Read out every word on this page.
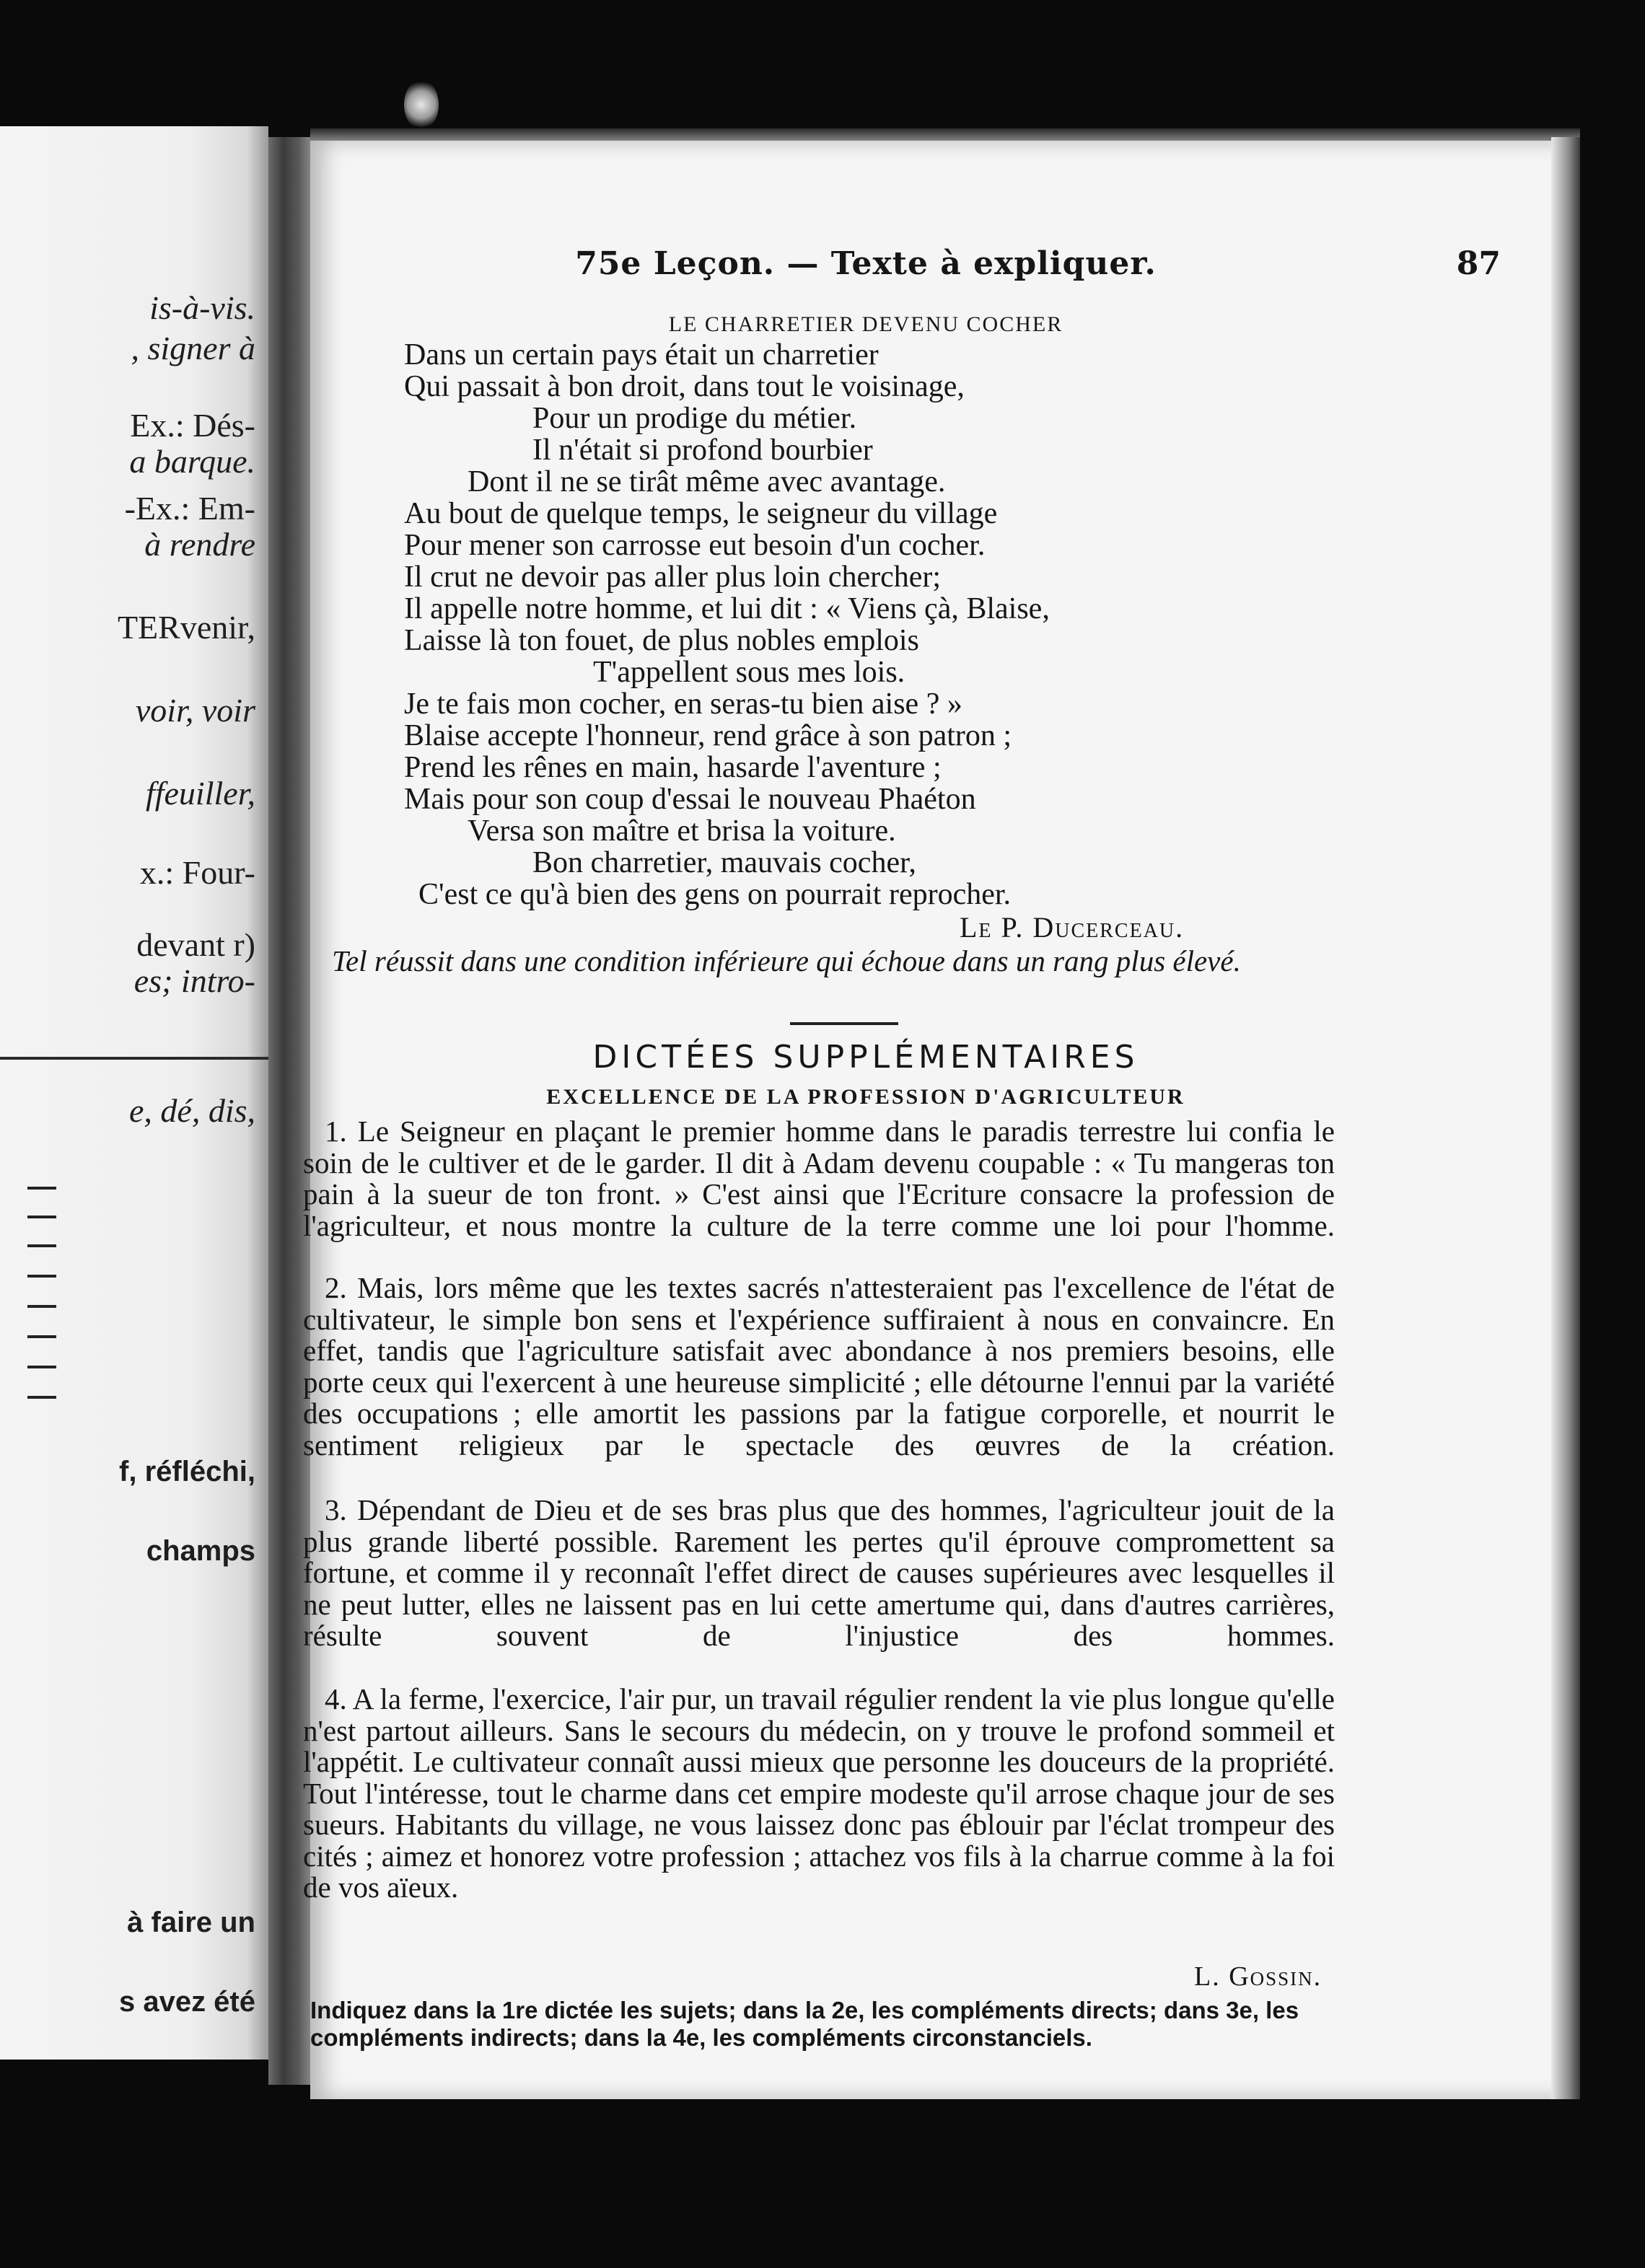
is-à-vis.
, signer à
Ex.: Dés-
a barque.
-Ex.: Em-
à rendre
TERvenir,
voir, voir
ffeuiller,
x.: Four-
devant r)
es; intro-
e, dé, dis,
f, réfléchi,
champs
à faire un
s avez été
75e Leçon. — Texte à expliquer.	87
LE CHARRETIER DEVENU COCHER
Dans un certain pays était un charretier
Qui passait à bon droit, dans tout le voisinage,
Pour un prodige du métier.
Il n'était si profond bourbier
Dont il ne se tirât même avec avantage.
Au bout de quelque temps, le seigneur du village
Pour mener son carrosse eut besoin d'un cocher.
Il crut ne devoir pas aller plus loin chercher;
Il appelle notre homme, et lui dit : « Viens çà, Blaise,
Laisse là ton fouet, de plus nobles emplois
T'appellent sous mes lois.
Je te fais mon cocher, en seras-tu bien aise ? »
Blaise accepte l'honneur, rend grâce à son patron ;
Prend les rênes en main, hasarde l'aventure ;
Mais pour son coup d'essai le nouveau Phaéton
Versa son maître et brisa la voiture.
Bon charretier, mauvais cocher,
C'est ce qu'à bien des gens on pourrait reprocher.
Le P. Ducerceau.
Tel réussit dans une condition inférieure qui échoue dans un rang plus élevé.
DICTÉES SUPPLÉMENTAIRES
EXCELLENCE DE LA PROFESSION D'AGRICULTEUR
1. Le Seigneur en plaçant le premier homme dans le paradis terrestre lui confia le soin de le cultiver et de le garder. Il dit à Adam devenu coupable : « Tu mangeras ton pain à la sueur de ton front. » C'est ainsi que l'Ecriture consacre la profession de l'agriculteur, et nous montre la culture de la terre comme une loi pour l'homme.
2. Mais, lors même que les textes sacrés n'attesteraient pas l'excellence de l'état de cultivateur, le simple bon sens et l'expérience suffiraient à nous en convaincre. En effet, tandis que l'agriculture satisfait avec abondance à nos premiers besoins, elle porte ceux qui l'exercent à une heureuse simplicité ; elle détourne l'ennui par la variété des occupations ; elle amortit les passions par la fatigue corporelle, et nourrit le sentiment religieux par le spectacle des œuvres de la création.
3. Dépendant de Dieu et de ses bras plus que des hommes, l'agriculteur jouit de la plus grande liberté possible. Rarement les pertes qu'il éprouve compromettent sa fortune, et comme il y reconnaît l'effet direct de causes supérieures avec lesquelles il ne peut lutter, elles ne laissent pas en lui cette amertume qui, dans d'autres carrières, résulte souvent de l'injustice des hommes.
4. A la ferme, l'exercice, l'air pur, un travail régulier rendent la vie plus longue qu'elle n'est partout ailleurs. Sans le secours du médecin, on y trouve le profond sommeil et l'appétit. Le cultivateur connaît aussi mieux que personne les douceurs de la propriété. Tout l'intéresse, tout le charme dans cet empire modeste qu'il arrose chaque jour de ses sueurs. Habitants du village, ne vous laissez donc pas éblouir par l'éclat trompeur des cités ; aimez et honorez votre profession ; attachez vos fils à la charrue comme à la foi de vos aïeux.
L. Gossin.
Indiquez dans la 1re dictée les sujets; dans la 2e, les compléments directs; dans 3e, les compléments indirects; dans la 4e, les compléments circonstanciels.
